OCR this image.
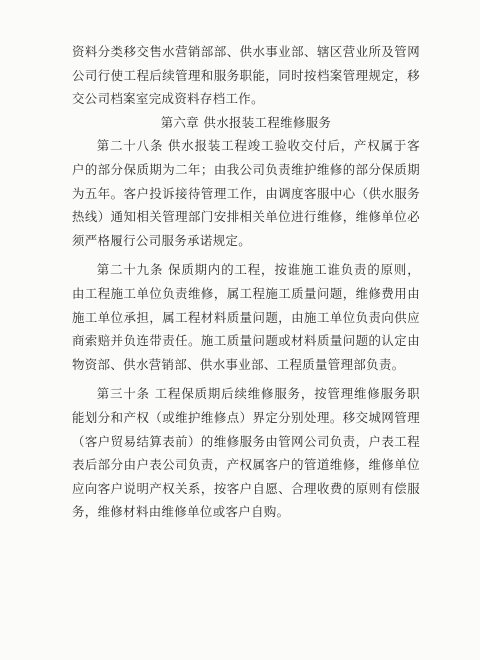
资料分类移交售水营销部部、供水事业部、辖区营业所及管网公司行使工程后续管理和服务职能，同时按档案管理规定，移交公司档案室完成资料存档工作。

第六章 供水报装工程维修服务

第二十八条 供水报装工程竣工验收交付后，产权属于客户的部分保质期为二年；由我公司负责维护维修的部分保质期为五年。客户投诉接待管理工作，由调度客服中心（供水服务热线）通知相关管理部门安排相关单位进行维修，维修单位必须严格履行公司服务承诺规定。

第二十九条 保质期内的工程，按谁施工谁负责的原则，由工程施工单位负责维修，属工程施工质量问题，维修费用由施工单位承担，属工程材料质量问题，由施工单位负责向供应商索赔并负连带责任。施工质量问题或材料质量问题的认定由物资部、供水营销部、供水事业部、工程质量管理部负责。

第三十条 工程保质期后续维修服务，按管理维修服务职能划分和产权（或维护维修点）界定分别处理。移交城网管理（客户贸易结算表前）的维修服务由管网公司负责，户表工程表后部分由户表公司负责，产权属客户的管道维修，维修单位应向客户说明产权关系，按客户自愿、合理收费的原则有偿服务，维修材料由维修单位或客户自购。
